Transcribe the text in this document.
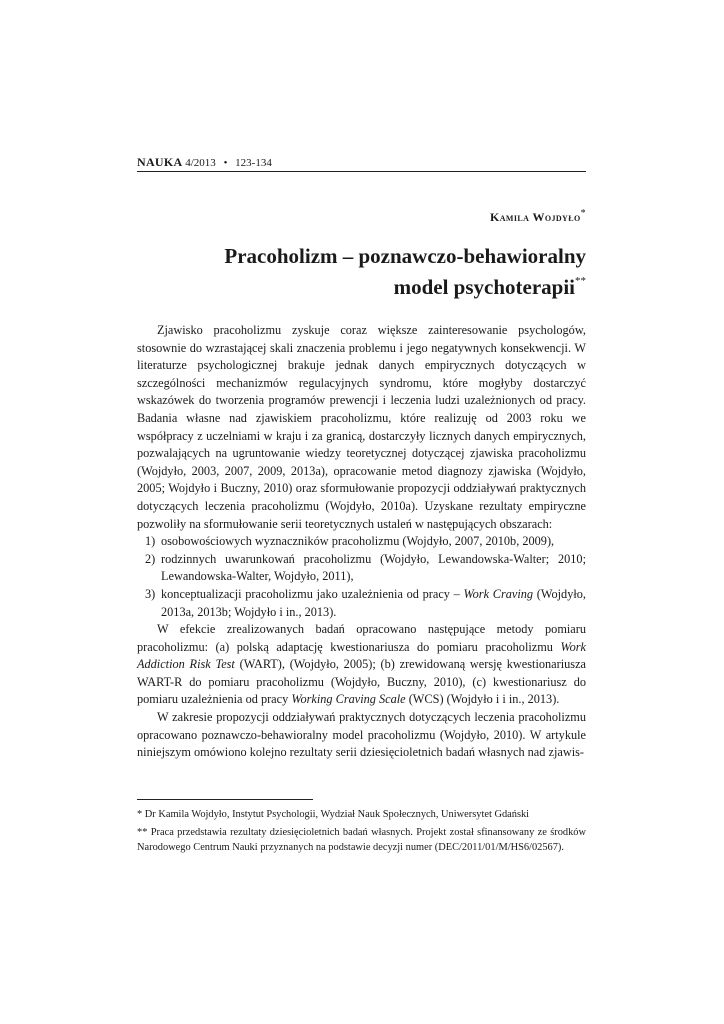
NAUKA 4/2013 • 123-134
Kamila Wojdyło*
Pracoholizm – poznawczo-behawioralny
model psychoterapii**

Zjawisko pracoholizmu zyskuje coraz większe zainteresowanie psychologów, stosownie do wzrastającej skali znaczenia problemu i jego negatywnych konsekwencji. W literaturze psychologicznej brakuje jednak danych empirycznych dotyczących w szczególności mechanizmów regulacyjnych syndromu, które mogłyby dostarczyć wskazówek do tworzenia programów prewencji i leczenia ludzi uzależnionych od pracy. Badania własne nad zjawiskiem pracoholizmu, które realizuję od 2003 roku we współpracy z uczelniami w kraju i za granicą, dostarczyły licznych danych empirycznych, pozwalających na ugruntowanie wiedzy teoretycznej dotyczącej zjawiska pracoholizmu (Wojdyło, 2003, 2007, 2009, 2013a), opracowanie metod diagnozy zjawiska (Wojdyło, 2005; Wojdyło i Buczny, 2010) oraz sformułowanie propozycji oddziaływań praktycznych dotyczących leczenia pracoholizmu (Wojdyło, 2010a). Uzyskane rezultaty empiryczne pozwoliły na sformułowanie serii teoretycznych ustaleń w następujących obszarach:

1) osobowościowych wyznaczników pracoholizmu (Wojdyło, 2007, 2010b, 2009),
2) rodzinnych uwarunkowań pracoholizmu (Wojdyło, Lewandowska-Walter; 2010; Lewandowska-Walter, Wojdyło, 2011),
3) konceptualizacji pracoholizmu jako uzależnienia od pracy – Work Craving (Wojdyło, 2013a, 2013b; Wojdyło i in., 2013).

W efekcie zrealizowanych badań opracowano następujące metody pomiaru pracoholizmu: (a) polską adaptację kwestionariusza do pomiaru pracoholizmu Work Addiction Risk Test (WART), (Wojdyło, 2005); (b) zrewidowaną wersję kwestionariusza WART-R do pomiaru pracoholizmu (Wojdyło, Buczny, 2010), (c) kwestionariusz do pomiaru uzależnienia od pracy Working Craving Scale (WCS) (Wojdyło i i in., 2013).

W zakresie propozycji oddziaływań praktycznych dotyczących leczenia pracoholizmu opracowano poznawczo-behawioralny model pracoholizmu (Wojdyło, 2010). W artykule niniejszym omówiono kolejno rezultaty serii dziesięcioletnich badań własnych nad zjawis-

* Dr Kamila Wojdyło, Instytut Psychologii, Wydział Nauk Społecznych, Uniwersytet Gdański

** Praca przedstawia rezultaty dziesięcioletnich badań własnych. Projekt został sfinansowany ze środków Narodowego Centrum Nauki przyznanych na podstawie decyzji numer (DEC/2011/01/M/HS6/02567).
